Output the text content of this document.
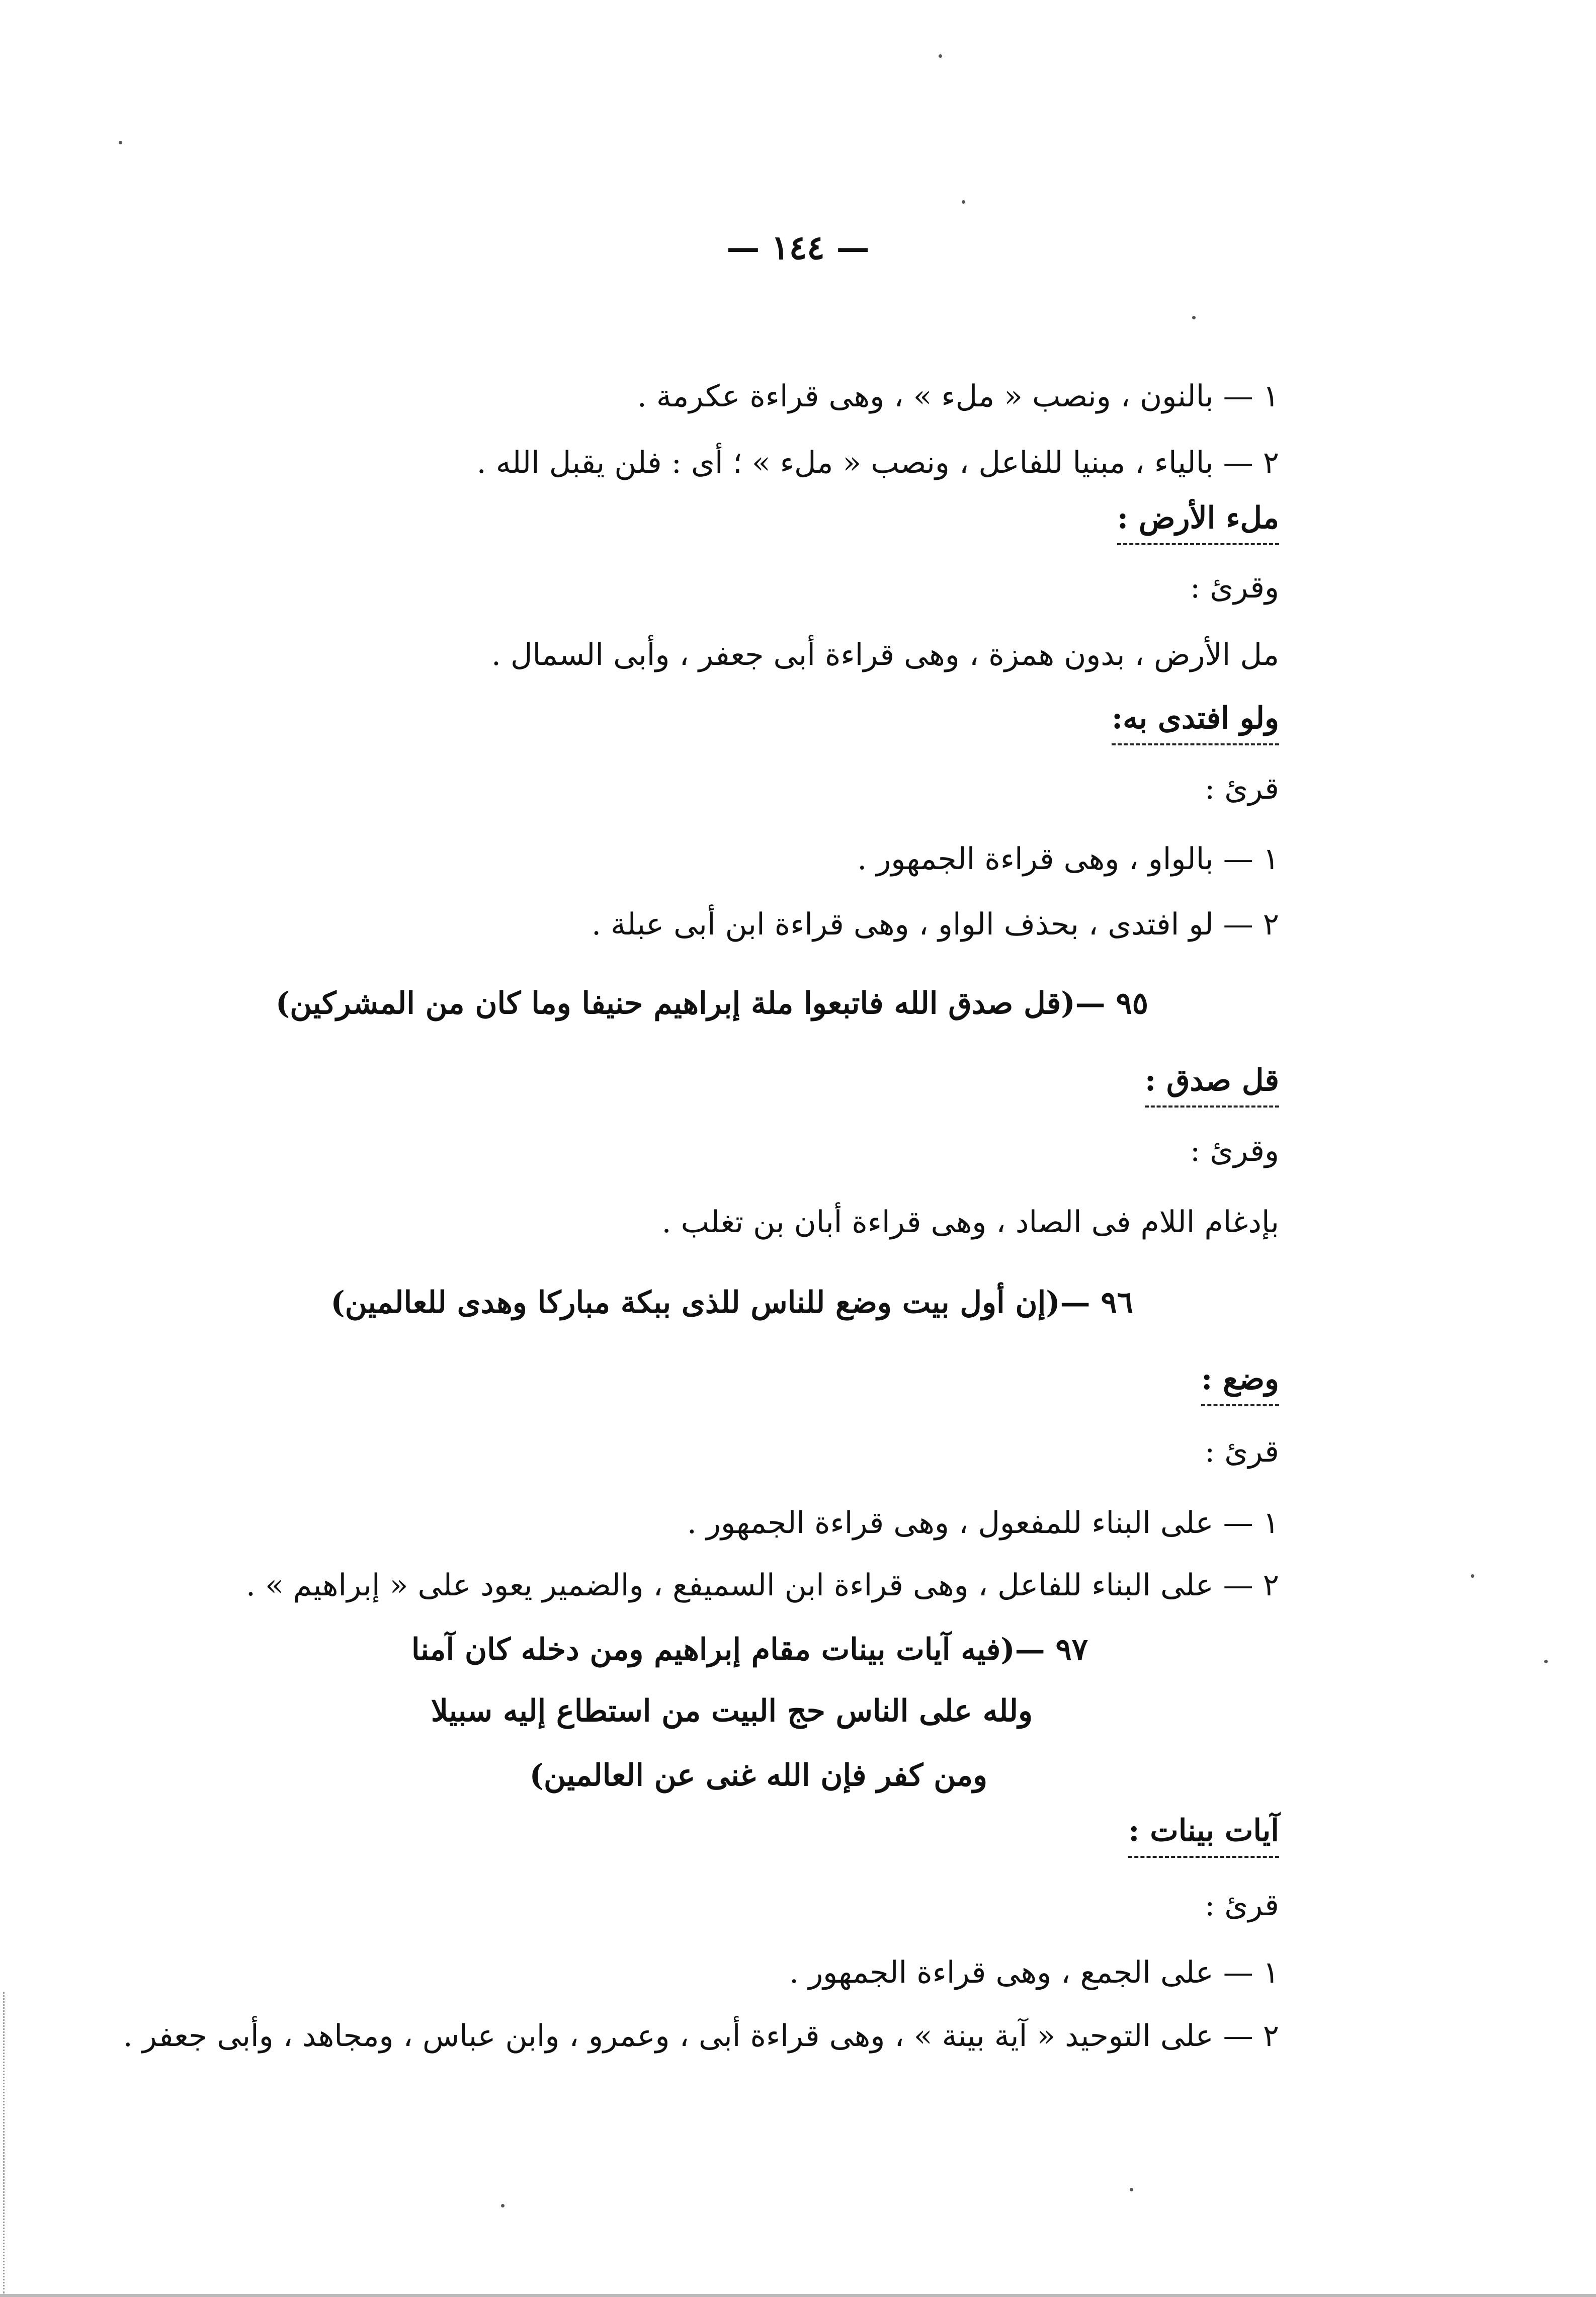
— ١٤٤ —
١ — بالنون ، ونصب « ملء » ، وهى قراءة عكرمة .
٢ — بالياء ، مبنيا للفاعل ، ونصب « ملء » ؛ أى : فلن يقبل الله .
ملء الأرض :
وقرئ :
مل الأرض ، بدون همزة ، وهى قراءة أبى جعفر ، وأبى السمال .
ولو افتدى به:
قرئ :
١ — بالواو ، وهى قراءة الجمهور .
٢ — لو افتدى ، بحذف الواو ، وهى قراءة ابن أبى عبلة .
٩٥ —(قل صدق الله فاتبعوا ملة إبراهيم حنيفا وما كان من المشركين)
قل صدق :
وقرئ :
بإدغام اللام فى الصاد ، وهى قراءة أبان بن تغلب .
٩٦ —(إن أول بيت وضع للناس للذى ببكة مباركا وهدى للعالمين)
وضع :
قرئ :
١ — على البناء للمفعول ، وهى قراءة الجمهور .
٢ — على البناء للفاعل ، وهى قراءة ابن السميفع ، والضمير يعود على « إبراهيم » .
٩٧ —(فيه آيات بينات مقام إبراهيم ومن دخله كان آمنا
ولله على الناس حج البيت من استطاع إليه سبيلا
ومن كفر فإن الله غنى عن العالمين)
آيات بينات :
قرئ :
١ — على الجمع ، وهى قراءة الجمهور .
٢ — على التوحيد « آية بينة » ، وهى قراءة أبى ، وعمرو ، وابن عباس ، ومجاهد ، وأبى جعفر .
